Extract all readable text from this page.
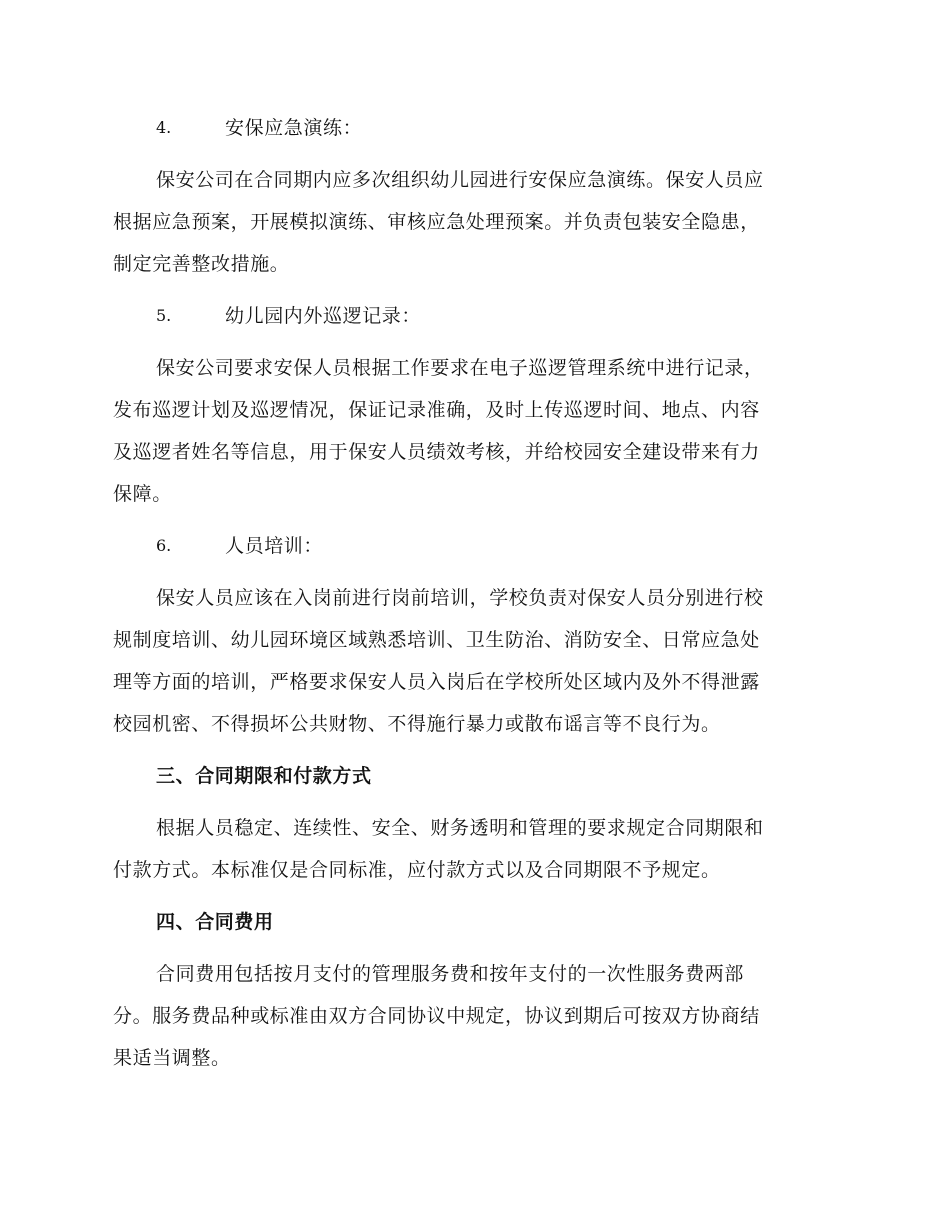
4.	安保应急演练：
保安公司在合同期内应多次组织幼儿园进行安保应急演练。保安人员应
根据应急预案，开展模拟演练、审核应急处理预案。并负责包装安全隐患，
制定完善整改措施。
5.	幼儿园内外巡逻记录：
保安公司要求安保人员根据工作要求在电子巡逻管理系统中进行记录，
发布巡逻计划及巡逻情况，保证记录准确，及时上传巡逻时间、地点、内容
及巡逻者姓名等信息，用于保安人员绩效考核，并给校园安全建设带来有力
保障。
6.	人员培训：
保安人员应该在入岗前进行岗前培训，学校负责对保安人员分别进行校
规制度培训、幼儿园环境区域熟悉培训、卫生防治、消防安全、日常应急处
理等方面的培训，严格要求保安人员入岗后在学校所处区域内及外不得泄露
校园机密、不得损坏公共财物、不得施行暴力或散布谣言等不良行为。
三、合同期限和付款方式
根据人员稳定、连续性、安全、财务透明和管理的要求规定合同期限和
付款方式。本标准仅是合同标准，应付款方式以及合同期限不予规定。
四、合同费用
合同费用包括按月支付的管理服务费和按年支付的一次性服务费两部
分。服务费品种或标准由双方合同协议中规定，协议到期后可按双方协商结
果适当调整。
